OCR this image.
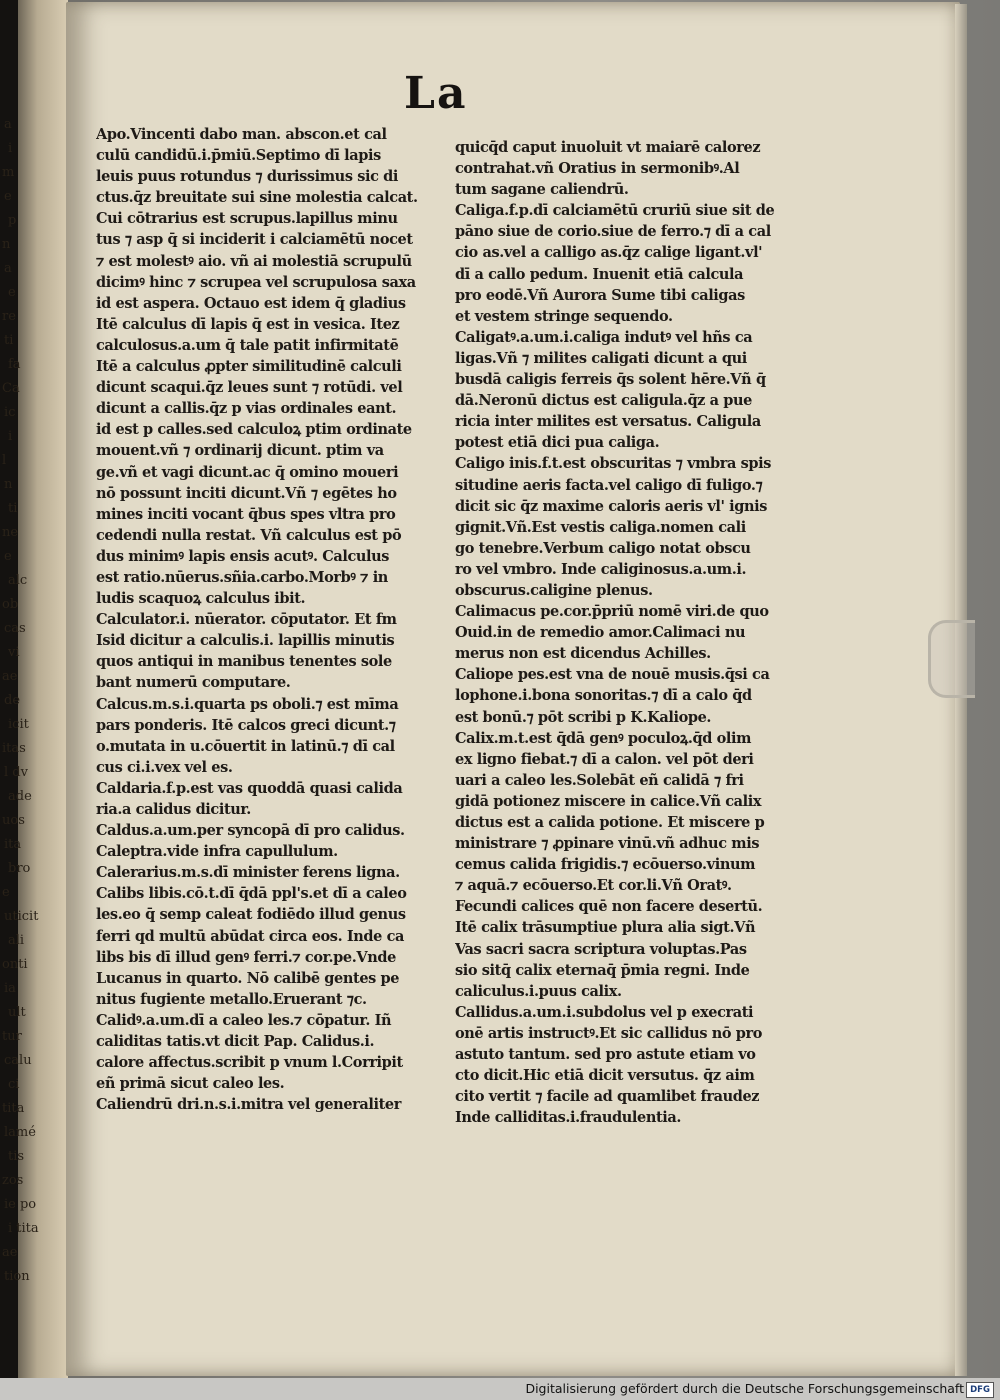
a
i
m
e
p
n
a
e
re
ti
fa
Ca
ic
i
l
n
ti
ne
e
alc
ob
cas
vi
ae
de
icit
itas
l dv
ade
uos
ita
bro
e
uticit
ali
onti
ia
ult
tur
calu
ci
tita
lamé
tis
zos
ie po
i tita
ae
tion
La
Apo.Vincenti dabo man. abscon.et cal
culū candidū.i.p̄miū.Septimo dī lapis
leuis puus rotundus ⁊ durissimus sic di
ctus.q̄z breuitate sui sine molestia calcat.
Cui cōtrarius est scrupus.lapillus minu
tus ⁊ asp q̄ si inciderit i calciamētū nocet
⁊ est molestꝰ aio. vñ ai molestiā scrupulū
dicimꝰ hinc ⁊ scrupea vel scrupulosa saxa
id est aspera. Octauo est idem q̄ gladius
Itē calculus dī lapis q̄ est in vesica. Itez
calculosus.a.um q̄ tale patit infirmitatē
Itē a calculus ꝓpter similitudinē calculi
dicunt scaqui.q̄z leues sunt ⁊ rotūdi. vel
dicunt a callis.q̄z p vias ordinales eant.
id est p calles.sed calculoꝝ ptim ordinate
mouent.vñ ⁊ ordinarij dicunt. ptim va
ge.vñ et vagi dicunt.ac q̄ omino moueri
nō possunt inciti dicunt.Vñ ⁊ egētes ho
mines inciti vocant q̄bus spes vltra pro
cedendi nulla restat. Vñ calculus est pō
dus minimꝰ lapis ensis acutꝰ. Calculus
est ratio.nūerus.sñia.carbo.Morbꝰ ⁊ in
ludis scaquoꝝ calculus ibit.
Calculator.i. nūerator. cōputator. Et fm
Isid dicitur a calculis.i. lapillis minutis
quos antiqui in manibus tenentes sole
bant numerū computare.
Calcus.m.s.i.quarta ps oboli.⁊ est mīma
pars ponderis. Itē calcos greci dicunt.⁊
o.mutata in u.cōuertit in latinū.⁊ dī cal
cus ci.i.vex vel es.
Caldaria.f.p.est vas quoddā quasi calida
ria.a calidus dicitur.
Caldus.a.um.per syncopā dī pro calidus.
Caleptra.vide infra capullulum.
Calerarius.m.s.dī minister ferens ligna.
Calibs libis.cō.t.dī q̄dā ppl's.et dī a caleo
les.eo q̄ semp caleat fodiēdo illud genus
ferri qd multū abūdat circa eos. Inde ca
libs bis dī illud genꝰ ferri.⁊ cor.pe.Vnde
Lucanus in quarto. Nō calibē gentes pe
nitus fugiente metallo.Eruerant ⁊c.
Calidꝰ.a.um.dī a caleo les.⁊ cōpatur. Iñ
caliditas tatis.vt dicit Pap. Calidus.i.
calore affectus.scribit p vnum l.Corripit
eñ primā sicut caleo les.
Caliendrū dri.n.s.i.mitra vel generaliter
quicq̄d caput inuoluit vt maiarē calorez
contrahat.vñ Oratius in sermonibꝰ.Al
tum sagane caliendrū.
Caliga.f.p.dī calciamētū cruriū siue sit de
pāno siue de corio.siue de ferro.⁊ dī a cal
cio as.vel a calligo as.q̄z calige ligant.vl'
dī a callo pedum. Inuenit etiā calcula
pro eodē.Vñ Aurora Sume tibi caligas
et vestem stringe sequendo.
Caligatꝰ.a.um.i.caliga indutꝰ vel hñs ca
ligas.Vñ ⁊ milites caligati dicunt a qui
busdā caligis ferreis q̄s solent hēre.Vñ q̄
dā.Neronū dictus est caligula.q̄z a pue
ricia inter milites est versatus. Caligula
potest etiā dici pua caliga.
Caligo inis.f.t.est obscuritas ⁊ vmbra spis
situdine aeris facta.vel caligo dī fuligo.⁊
dicit sic q̄z maxime caloris aeris vl' ignis
gignit.Vñ.Est vestis caliga.nomen cali
go tenebre.Verbum caligo notat obscu
ro vel vmbro. Inde caliginosus.a.um.i.
obscurus.caligine plenus.
Calimacus pe.cor.p̄priū nomē viri.de quo
Ouid.in de remedio amor.Calimaci nu
merus non est dicendus Achilles.
Caliope pes.est vna de nouē musis.q̄si ca
lophone.i.bona sonoritas.⁊ dī a calo q̄d
est bonū.⁊ pōt scribi p K.Kaliope.
Calix.m.t.est q̄dā genꝰ poculoꝝ.q̄d olim
ex ligno fiebat.⁊ dī a calon. vel pōt deri
uari a caleo les.Solebāt eñ calidā ⁊ fri
gidā potionez miscere in calice.Vñ calix
dictus est a calida potione. Et miscere p
ministrare ⁊ ꝓpinare vinū.vñ adhuc mis
cemus calida frigidis.⁊ ecōuerso.vinum
⁊ aquā.⁊ ecōuerso.Et cor.li.Vñ Oratꝰ.
Fecundi calices quē non facere desertū.
Itē calix trāsumptiue plura alia sigt.Vñ
Vas sacri sacra scriptura voluptas.Pas
sio sitq̄ calix eternaq̄ p̄mia regni. Inde
caliculus.i.puus calix.
Callidus.a.um.i.subdolus vel p execrati
onē artis instructꝰ.Et sic callidus nō pro
astuto tantum. sed pro astute etiam vo
cto dicit.Hic etiā dicit versutus. q̄z aim
cito vertit ⁊ facile ad quamlibet fraudez
Inde calliditas.i.fraudulentia.
Digitalisierung gefördert durch die Deutsche Forschungsgemeinschaft DFG
